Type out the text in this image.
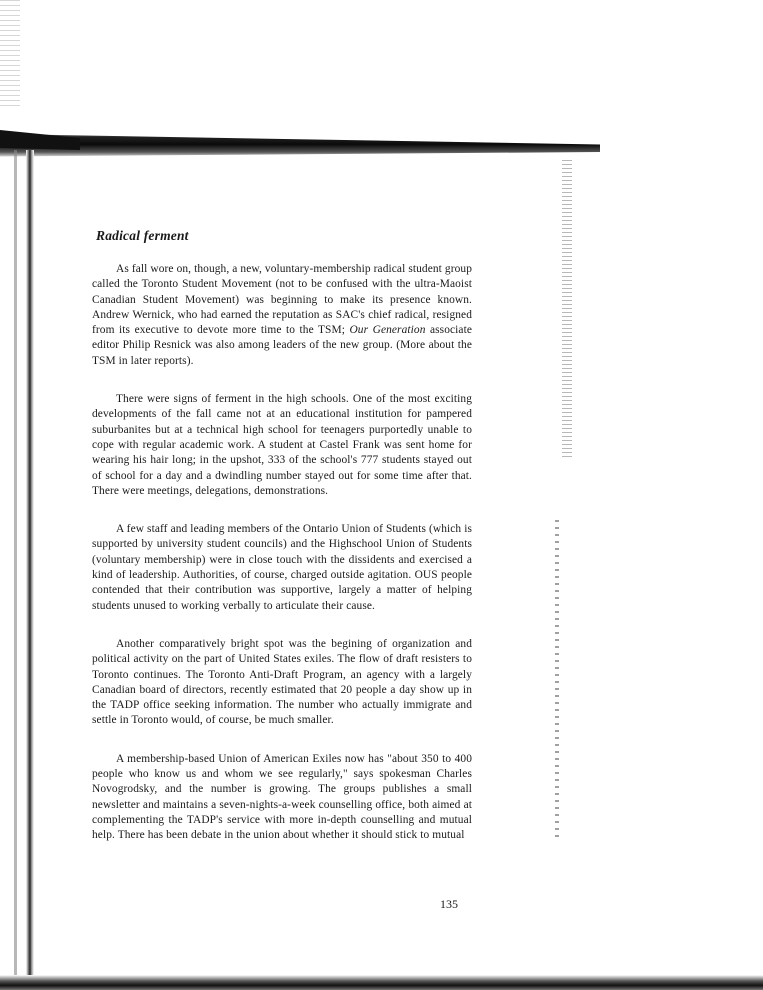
Radical ferment

As fall wore on, though, a new, voluntary-membership radical student group called the Toronto Student Movement (not to be confused with the ultra-Maoist Canadian Student Movement) was beginning to make its presence known. Andrew Wernick, who had earned the reputation as SAC's chief radical, resigned from its executive to devote more time to the TSM; Our Generation associate editor Philip Resnick was also among leaders of the new group. (More about the TSM in later reports).

There were signs of ferment in the high schools. One of the most exciting developments of the fall came not at an educational institution for pampered suburbanites but at a technical high school for teenagers purportedly unable to cope with regular academic work. A student at Castel Frank was sent home for wearing his hair long; in the upshot, 333 of the school's 777 students stayed out of school for a day and a dwindling number stayed out for some time after that. There were meetings, delegations, demonstrations.

A few staff and leading members of the Ontario Union of Students (which is supported by university student councils) and the Highschool Union of Students (voluntary membership) were in close touch with the dissidents and exercised a kind of leadership. Authorities, of course, charged outside agitation. OUS people contended that their contribution was supportive, largely a matter of helping students unused to working verbally to articulate their cause.

Another comparatively bright spot was the begining of organization and political activity on the part of United States exiles. The flow of draft resisters to Toronto continues. The Toronto Anti-Draft Program, an agency with a largely Canadian board of directors, recently estimated that 20 people a day show up in the TADP office seeking information. The number who actually immigrate and settle in Toronto would, of course, be much smaller.

A membership-based Union of American Exiles now has "about 350 to 400 people who know us and whom we see regularly," says spokesman Charles Novogrodsky, and the number is growing. The groups publishes a small newsletter and maintains a seven-nights-a-week counselling office, both aimed at complementing the TADP's service with more in-depth counselling and mutual help. There has been debate in the union about whether it should stick to mutual

135
